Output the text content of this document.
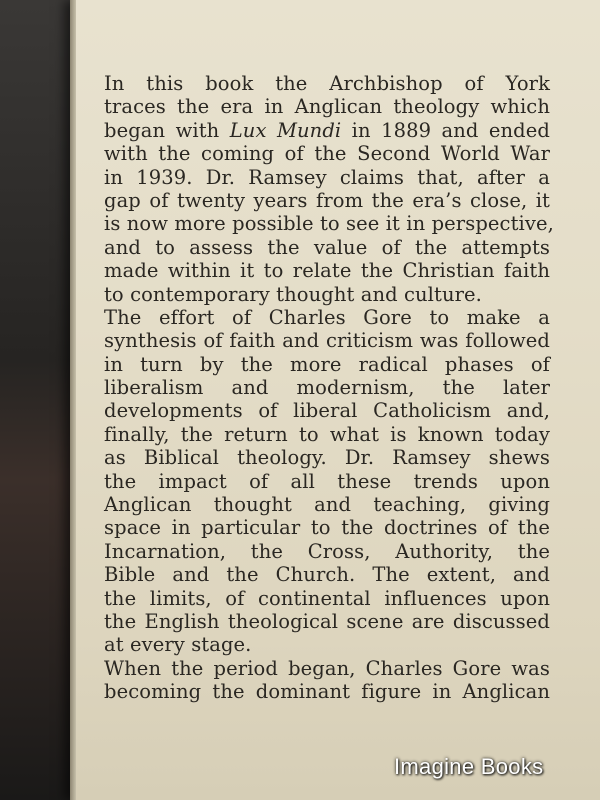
In this book the Archbishop of York
traces the era in Anglican theology which
began with Lux Mundi in 1889 and ended
with the coming of the Second World War
in 1939. Dr. Ramsey claims that, after a
gap of twenty years from the era’s close, it
is now more possible to see it in perspective,
and to assess the value of the attempts
made within it to relate the Christian faith
to contemporary thought and culture.
The effort of Charles Gore to make a
synthesis of faith and criticism was followed
in turn by the more radical phases of
liberalism and modernism, the later
developments of liberal Catholicism and,
finally, the return to what is known today
as Biblical theology. Dr. Ramsey shews
the impact of all these trends upon
Anglican thought and teaching, giving
space in particular to the doctrines of the
Incarnation, the Cross, Authority, the
Bible and the Church. The extent, and
the limits, of continental influences upon
the English theological scene are discussed
at every stage.
When the period began, Charles Gore was
becoming the dominant figure in Anglican
Imagine Books
